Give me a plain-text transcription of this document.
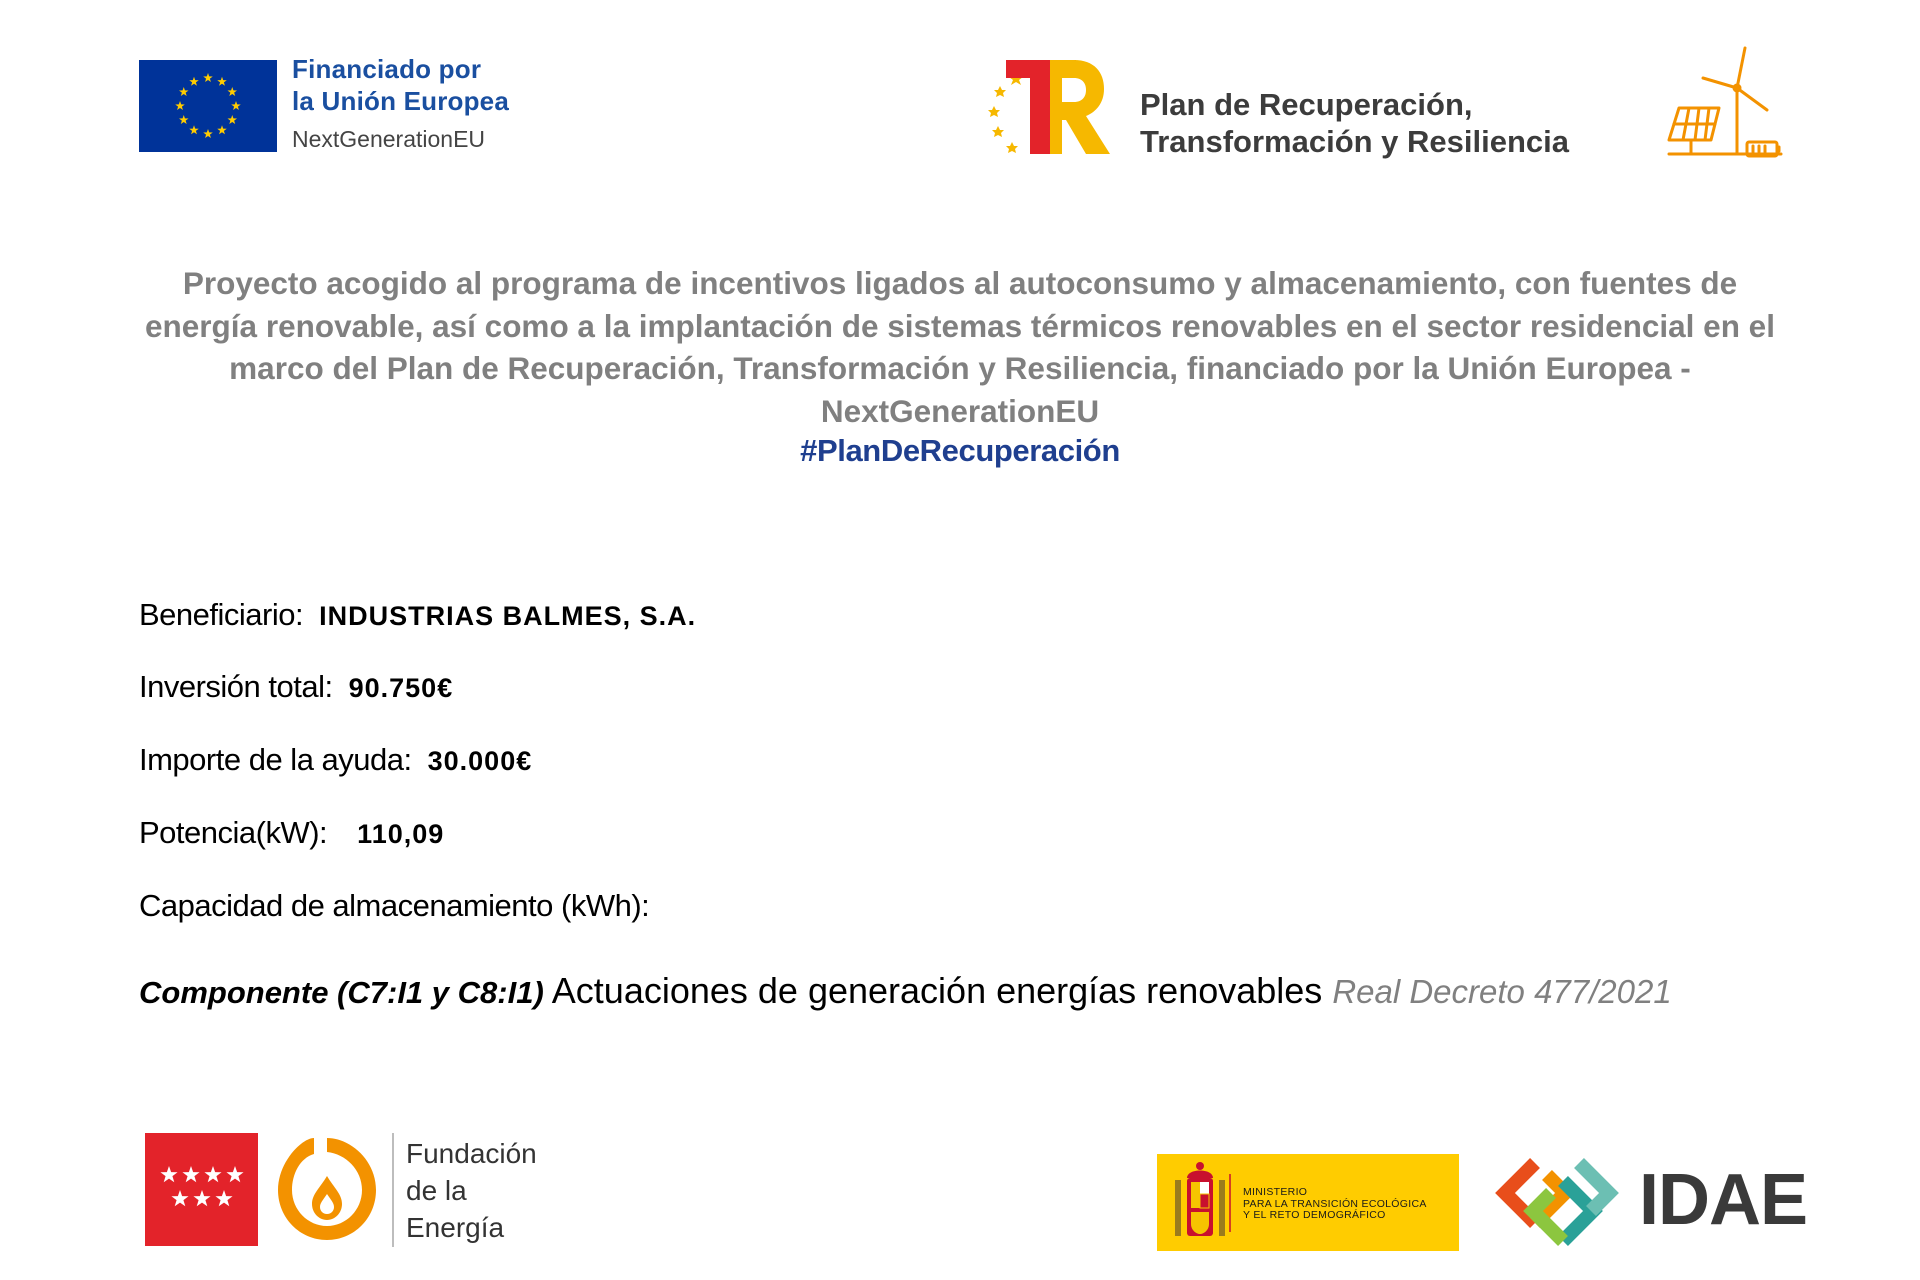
Financiado por
la Unión Europea
NextGenerationEU
Plan de Recuperación,
Transformación y Resiliencia
Proyecto acogido al programa de incentivos ligados al autoconsumo y almacenamiento, con fuentes de energía renovable, así como a la implantación de sistemas térmicos renovables en el sector residencial en el marco del Plan de Recuperación, Transformación y Resiliencia, financiado por la Unión Europea - NextGenerationEU
#PlanDeRecuperación
Beneficiario: INDUSTRIAS BALMES, S.A.
Inversión total: 90.750€
Importe de la ayuda: 30.000€
Potencia(kW): 110,09
Capacidad de almacenamiento (kWh):
Componente (C7:I1 y C8:I1) Actuaciones de generación energías renovables Real Decreto 477/2021
Fundación
de la
Energía
MINISTERIO
PARA LA TRANSICIÓN ECOLÓGICA
Y EL RETO DEMOGRÁFICO	IDAE
